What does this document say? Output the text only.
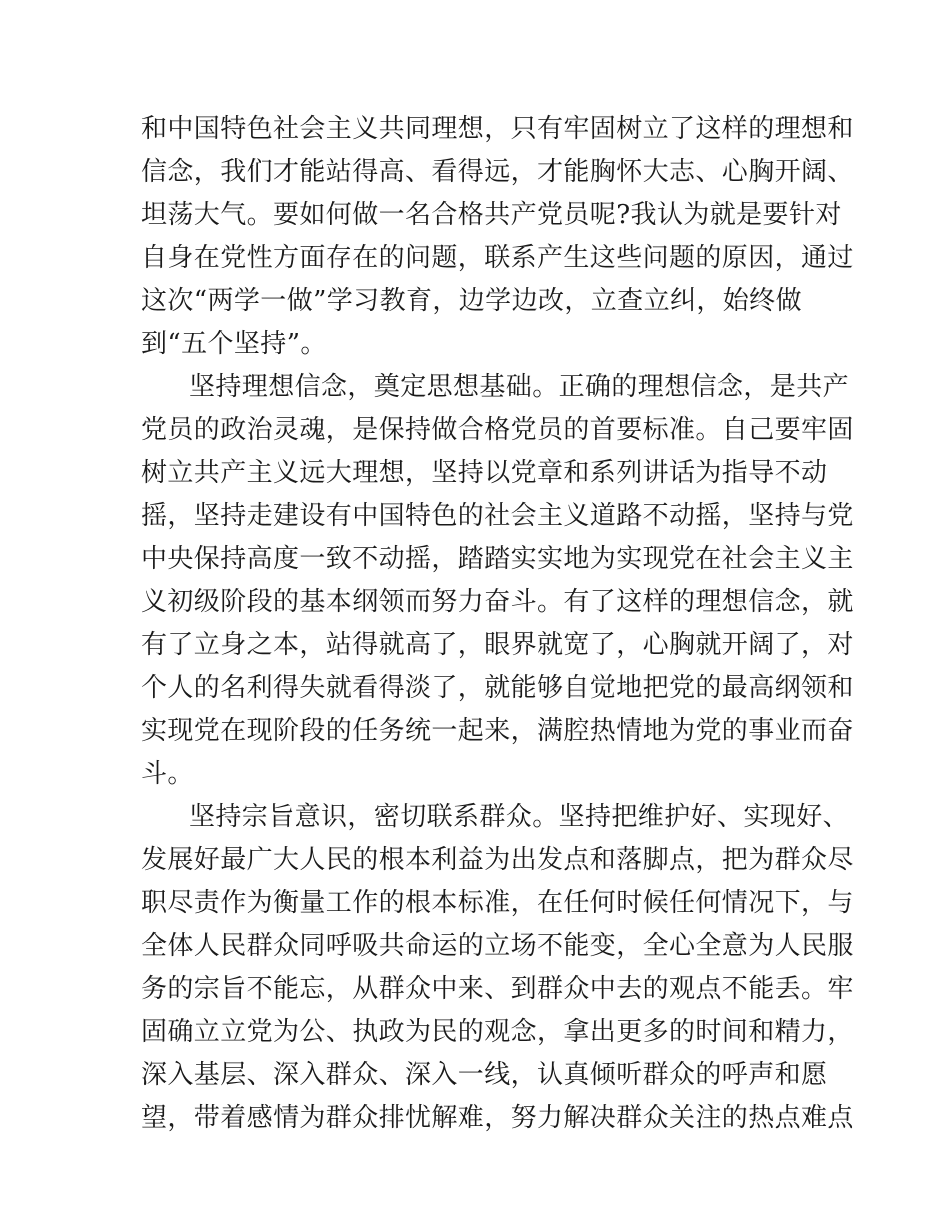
和中国特色社会主义共同理想，只有牢固树立了这样的理想和
信念，我们才能站得高、看得远，才能胸怀大志、心胸开阔、
坦荡大气。要如何做一名合格共产党员呢?我认为就是要针对
自身在党性方面存在的问题，联系产生这些问题的原因，通过
这次“两学一做”学习教育，边学边改，立查立纠，始终做
到“五个坚持”。
坚持理想信念，奠定思想基础。正确的理想信念，是共产
党员的政治灵魂，是保持做合格党员的首要标准。自己要牢固
树立共产主义远大理想，坚持以党章和系列讲话为指导不动
摇，坚持走建设有中国特色的社会主义道路不动摇，坚持与党
中央保持高度一致不动摇，踏踏实实地为实现党在社会主义主
义初级阶段的基本纲领而努力奋斗。有了这样的理想信念，就
有了立身之本，站得就高了，眼界就宽了，心胸就开阔了，对
个人的名利得失就看得淡了，就能够自觉地把党的最高纲领和
实现党在现阶段的任务统一起来，满腔热情地为党的事业而奋
斗。
坚持宗旨意识，密切联系群众。坚持把维护好、实现好、
发展好最广大人民的根本利益为出发点和落脚点，把为群众尽
职尽责作为衡量工作的根本标准，在任何时候任何情况下，与
全体人民群众同呼吸共命运的立场不能变，全心全意为人民服
务的宗旨不能忘，从群众中来、到群众中去的观点不能丢。牢
固确立立党为公、执政为民的观念，拿出更多的时间和精力，
深入基层、深入群众、深入一线，认真倾听群众的呼声和愿
望，带着感情为群众排忧解难，努力解决群众关注的热点难点
